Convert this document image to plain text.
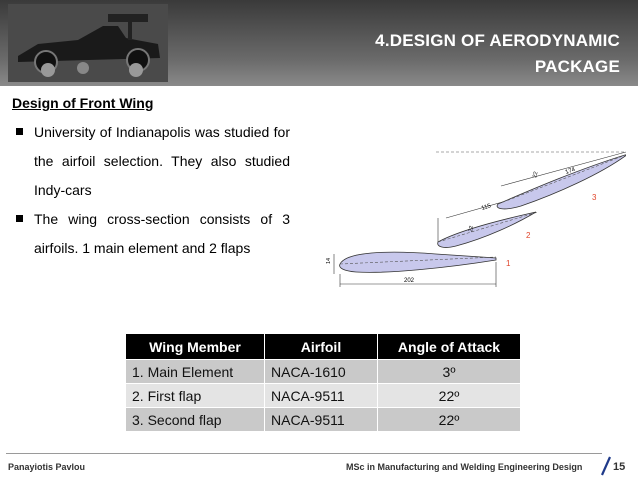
4.DESIGN OF AERODYNAMIC
PACKAGE
Design of Front Wing
University of Indianapolis was studied for the airfoil selection. They also studied Indy-cars
The wing cross-section consists of 3 airfoils. 1 main element and 2 flaps
202
14
115
22
174
22
1
2
3
Wing Member	Airfoil	Angle of Attack
1. Main Element	NACA-1610	3º
2. First flap	NACA-9511	22º
3. Second flap	NACA-9511	22º
Panayiotis Pavlou	MSc in Manufacturing and Welding Engineering Design	15
